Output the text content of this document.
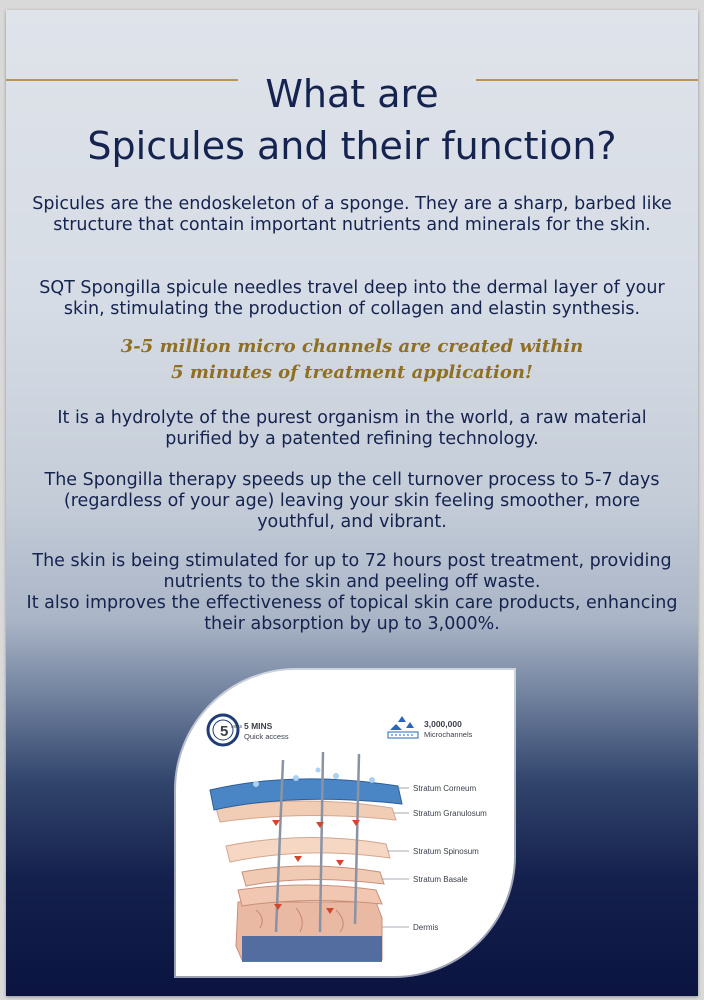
What are
Spicules and their function?
Spicules are the endoskeleton of a sponge. They are a sharp, barbed like structure that contain important nutrients and minerals for the skin.
SQT Spongilla spicule needles travel deep into the dermal layer of your skin, stimulating the production of collagen and elastin synthesis.
3-5 million micro channels are created within
5 minutes of treatment application!
It is a hydrolyte of the purest organism in the world, a raw material purified by a patented refining technology.
The Spongilla therapy speeds up the cell turnover process to 5-7 days (regardless of your age) leaving your skin feeling smoother, more youthful, and vibrant.
The skin is being stimulated for up to 72 hours post treatment, providing nutrients to the skin and peeling off waste.
It also improves the effectiveness of topical skin care products, enhancing their absorption by up to 3,000%.
5 MINS 5 MINS
Quick access
3,000,000
Microchannels
Stratum Corneum
Stratum Granulosum
Stratum Spinosum
Stratum Basale
Dermis
